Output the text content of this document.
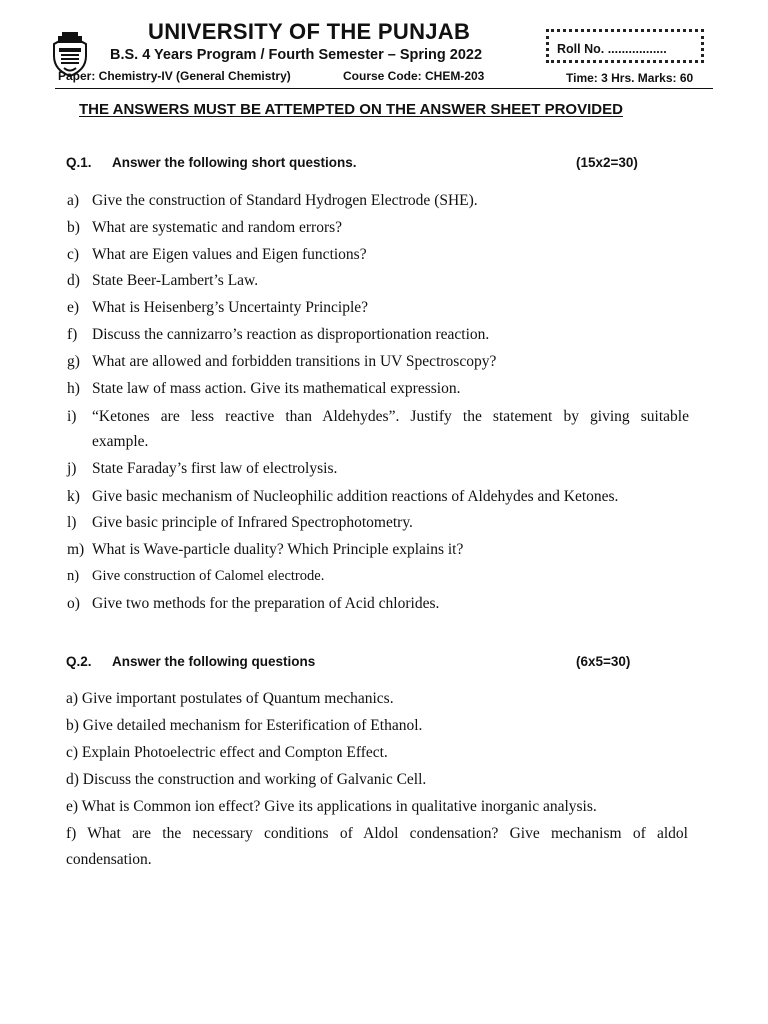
UNIVERSITY OF THE PUNJAB
B.S. 4 Years Program / Fourth Semester – Spring 2022	Roll No. .................
Paper: Chemistry-IV (General Chemistry)	Course Code: CHEM-203	Time: 3 Hrs. Marks: 60
THE ANSWERS MUST BE ATTEMPTED ON THE ANSWER SHEET PROVIDED
Q.1. Answer the following short questions.	(15x2=30)
a) Give the construction of Standard Hydrogen Electrode (SHE).
b) What are systematic and random errors?
c) What are Eigen values and Eigen functions?
d) State Beer-Lambert’s Law.
e) What is Heisenberg’s Uncertainty Principle?
f) Discuss the cannizarro’s reaction as disproportionation reaction.
g) What are allowed and forbidden transitions in UV Spectroscopy?
h) State law of mass action. Give its mathematical expression.
i) “Ketones are less reactive than Aldehydes”. Justify the statement by giving suitable
example.
j) State Faraday’s first law of electrolysis.
k) Give basic mechanism of Nucleophilic addition reactions of Aldehydes and Ketones.
l) Give basic principle of Infrared Spectrophotometry.
m) What is Wave-particle duality? Which Principle explains it?
n) Give construction of Calomel electrode.
o) Give two methods for the preparation of Acid chlorides.
Q.2. Answer the following questions	(6x5=30)
a) Give important postulates of Quantum mechanics.
b) Give detailed mechanism for Esterification of Ethanol.
c) Explain Photoelectric effect and Compton Effect.
d) Discuss the construction and working of Galvanic Cell.
e) What is Common ion effect? Give its applications in qualitative inorganic analysis.
f) What are the necessary conditions of Aldol condensation? Give mechanism of aldol
condensation.
